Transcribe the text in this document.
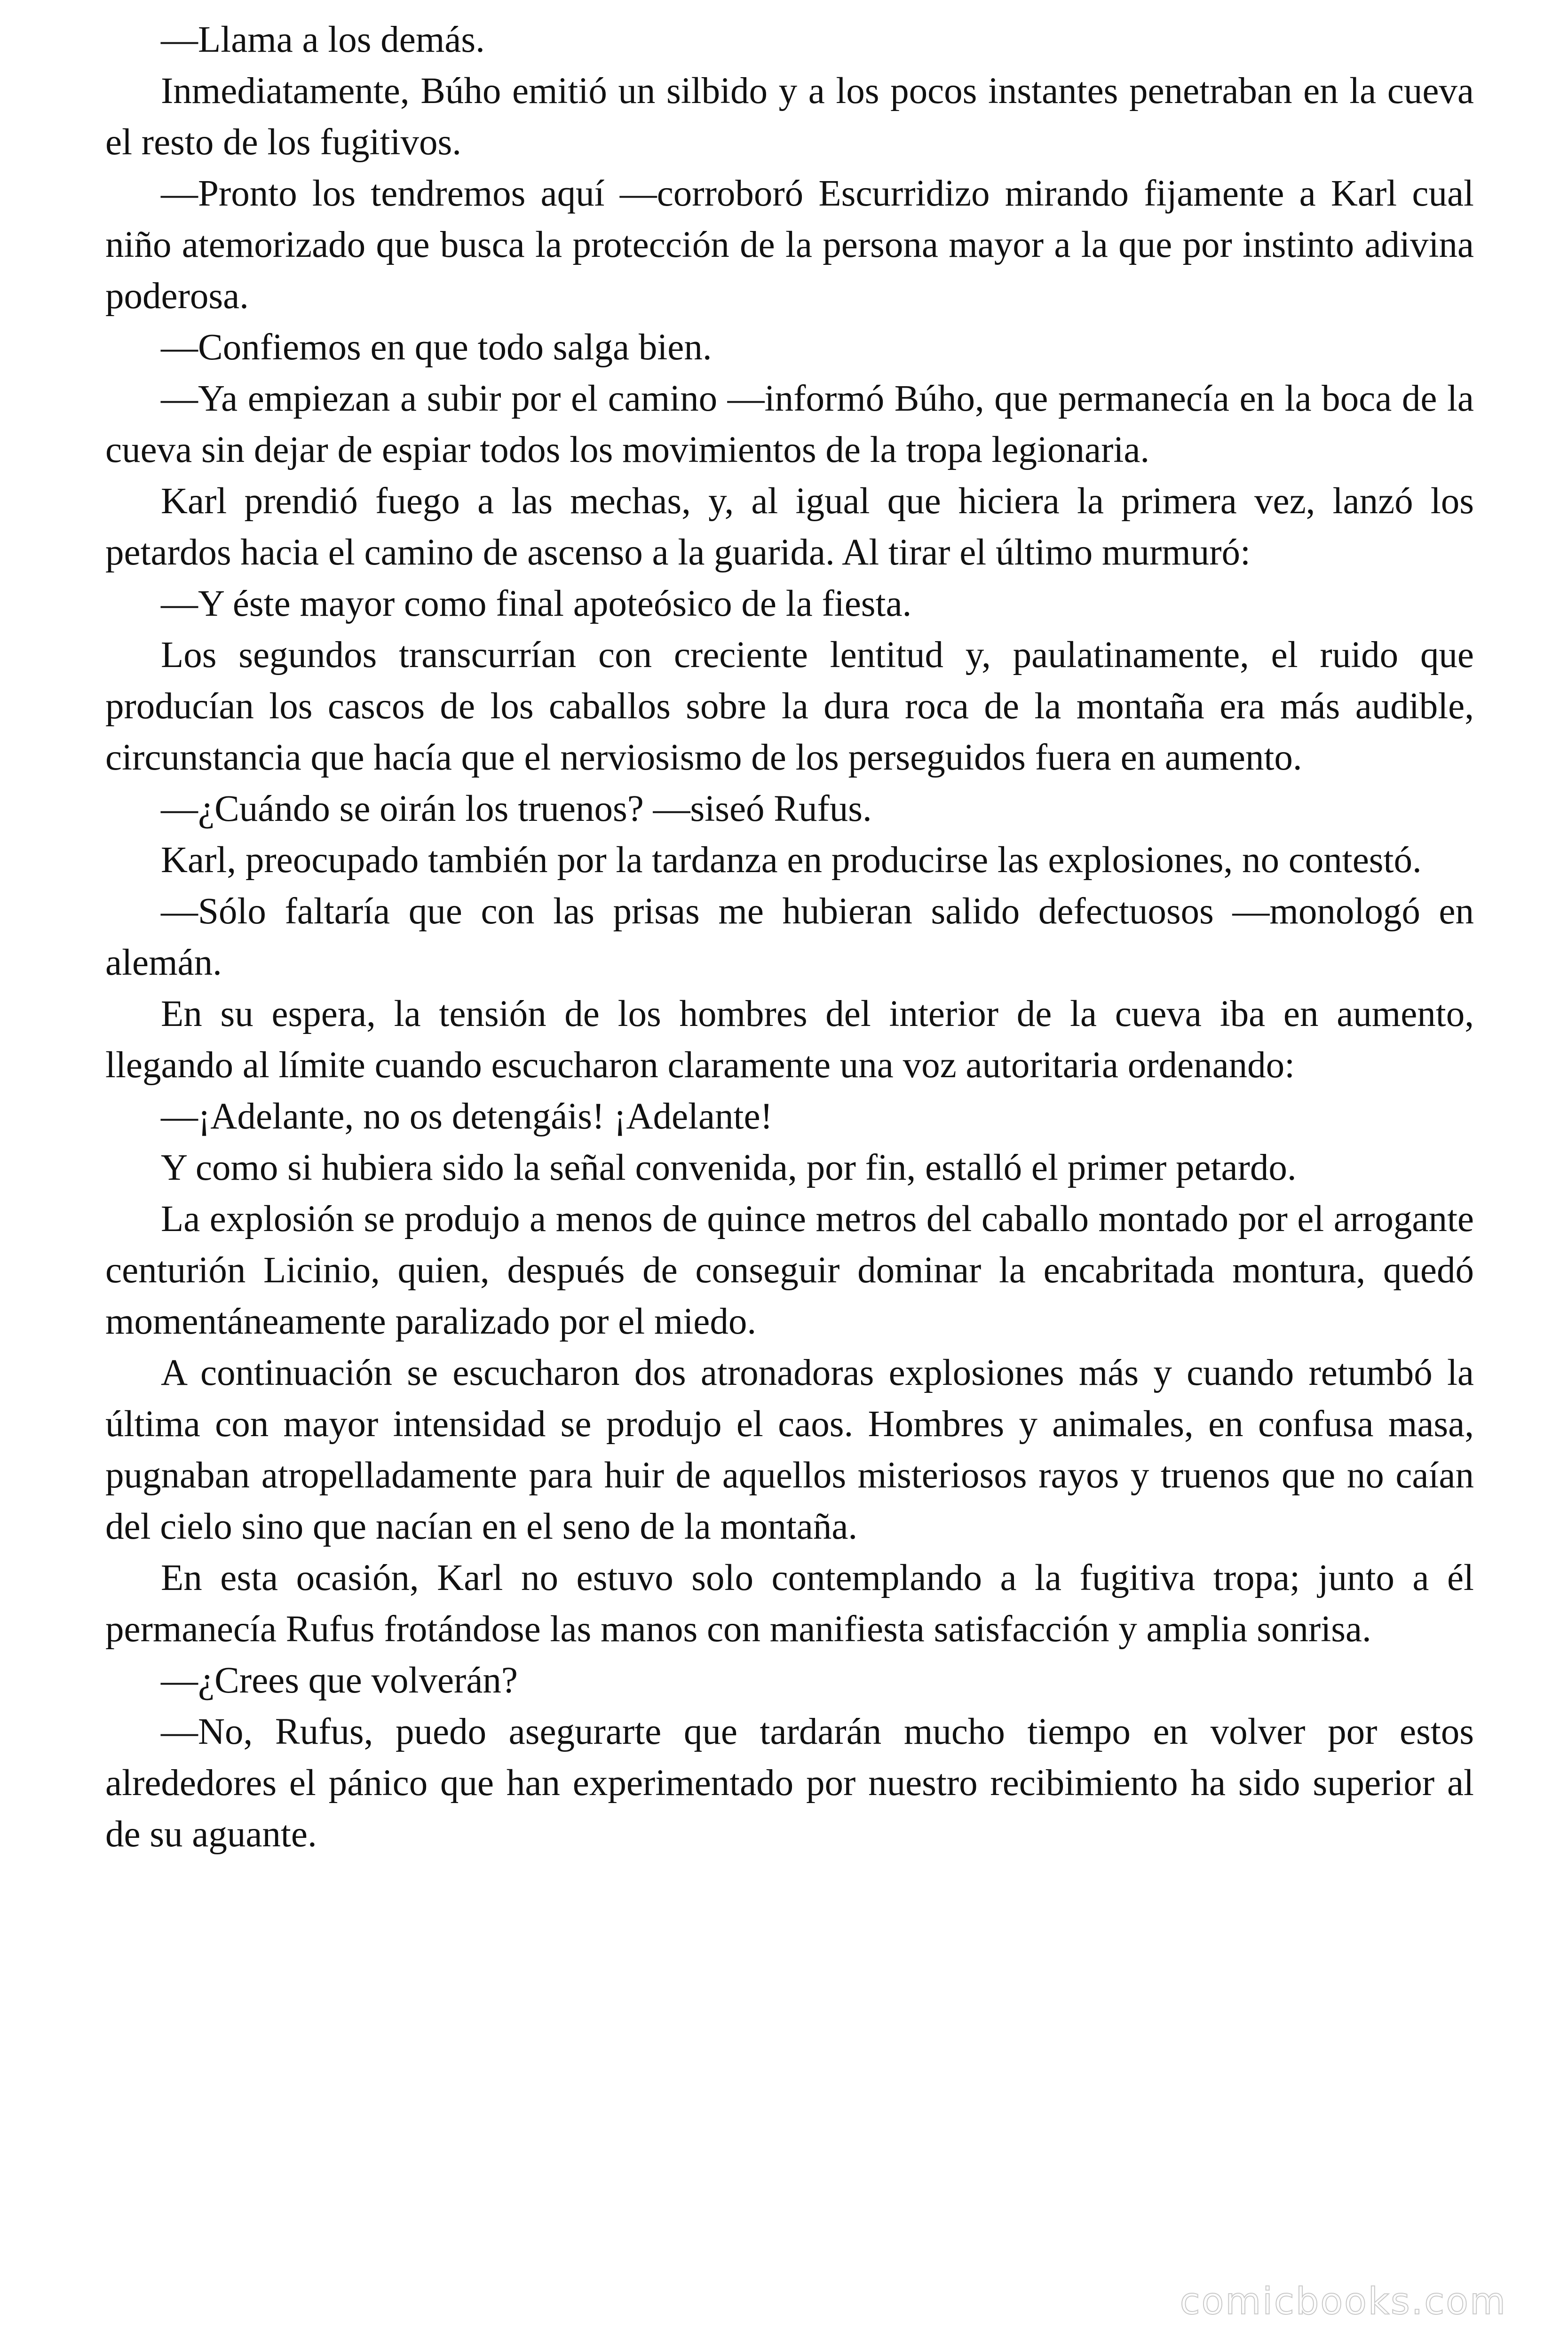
—Llama a los demás.

Inmediatamente, Búho emitió un silbido y a los pocos instantes penetraban en la cueva el resto de los fugitivos.

—Pronto los tendremos aquí —corroboró Escurridizo mirando fijamente a Karl cual niño atemorizado que busca la protección de la persona mayor a la que por instinto adivina poderosa.

—Confiemos en que todo salga bien.

—Ya empiezan a subir por el camino —informó Búho, que permanecía en la boca de la cueva sin dejar de espiar todos los movimientos de la tropa legionaria.

Karl prendió fuego a las mechas, y, al igual que hiciera la primera vez, lanzó los petardos hacia el camino de ascenso a la guarida. Al tirar el último murmuró:

—Y éste mayor como final apoteósico de la fiesta.

Los segundos transcurrían con creciente lentitud y, paulatinamente, el ruido que producían los cascos de los caballos sobre la dura roca de la montaña era más audible, circunstancia que hacía que el nerviosismo de los perseguidos fuera en aumento.

—¿Cuándo se oirán los truenos? —siseó Rufus.

Karl, preocupado también por la tardanza en producirse las explosiones, no contestó.

—Sólo faltaría que con las prisas me hubieran salido defectuosos —monologó en alemán.

En su espera, la tensión de los hombres del interior de la cueva iba en aumento, llegando al límite cuando escucharon claramente una voz autoritaria ordenando:

—¡Adelante, no os detengáis! ¡Adelante!

Y como si hubiera sido la señal convenida, por fin, estalló el primer petardo.

La explosión se produjo a menos de quince metros del caballo montado por el arrogante centurión Licinio, quien, después de conseguir dominar la encabritada montura, quedó momentáneamente paralizado por el miedo.

A continuación se escucharon dos atronadoras explosiones más y cuando retumbó la última con mayor intensidad se produjo el caos. Hombres y animales, en confusa masa, pugnaban atropelladamente para huir de aquellos misteriosos rayos y truenos que no caían del cielo sino que nacían en el seno de la montaña.

En esta ocasión, Karl no estuvo solo contemplando a la fugitiva tropa; junto a él permanecía Rufus frotándose las manos con manifiesta satisfacción y amplia sonrisa.

—¿Crees que volverán?

—No, Rufus, puedo asegurarte que tardarán mucho tiempo en volver por estos alrededores el pánico que han experimentado por nuestro recibimiento ha sido superior al de su aguante.

comicbooks.com
